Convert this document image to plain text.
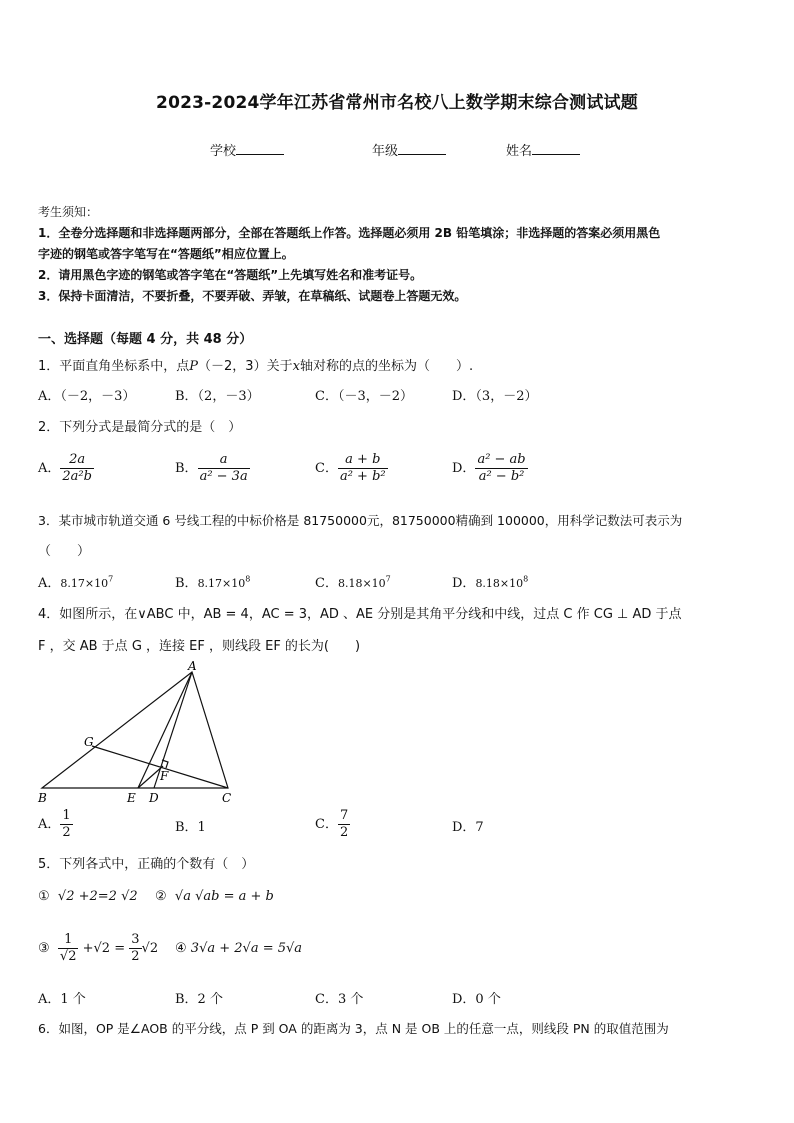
2023-2024学年江苏省常州市名校八上数学期末综合测试试题
学校	年级	姓名
考生须知：
1．全卷分选择题和非选择题两部分，全部在答题纸上作答。选择题必须用 2B 铅笔填涂；非选择题的答案必须用黑色
字迹的钢笔或答字笔写在“答题纸”相应位置上。
2．请用黑色字迹的钢笔或答字笔在“答题纸”上先填写姓名和准考证号。
3．保持卡面清洁，不要折叠，不要弄破、弄皱，在草稿纸、试题卷上答题无效。
一、选择题（每题 4 分，共 48 分）
1．平面直角坐标系中，点P（－2，3）关于x轴对称的点的坐标为（　　）.
A．（－2，－3）	B．（2，－3）	C．（－3，－2）	D．（3，－2）
2．下列分式是最简分式的是（　）
A． $\frac{2a}{\text{2a²b}}$	B． $\frac{a}{\text{a² − 3a}}$	C． $\frac{a + b}{\text{a² + b²}}$	D． $\frac{\text{a² − ab}}{\text{a² − b²}}$
3．某市城市轨道交通 6 号线工程的中标价格是 81750000元，81750000精确到 100000，用科学记数法可表示为
（　　）
A．$8.17\times 10^7$	B．$8.17\times 10^8$	C．$8.18\times 10^7$	D．$8.18\times 10^8$
4．如图所示，在∨ABC 中，AB = 4，AC = 3，AD 、AE 分别是其角平分线和中线，过点 C 作 CG ⊥ AD 于点
F ，交 AB 于点 G ，连接 EF ，则线段 EF 的长为(　　)
A
B	C
D
E
F
G
A． $\frac{1}{2}$	B．1	C． $\frac{7}{2}$	D．7
5．下列各式中，正确的个数有（　）
① √2 +2=2 √2 ② √a √ab = a + b
③ $\frac{1}{√2} +√2 = \frac{3}{2} √2$ ④ 3√a + 2√a = 5√a
A．1 个	B．2 个	C．3 个	D．0 个
6．如图，OP 是∠AOB 的平分线，点 P 到 OA 的距离为 3，点 N 是 OB 上的任意一点，则线段 PN 的取值范围为
